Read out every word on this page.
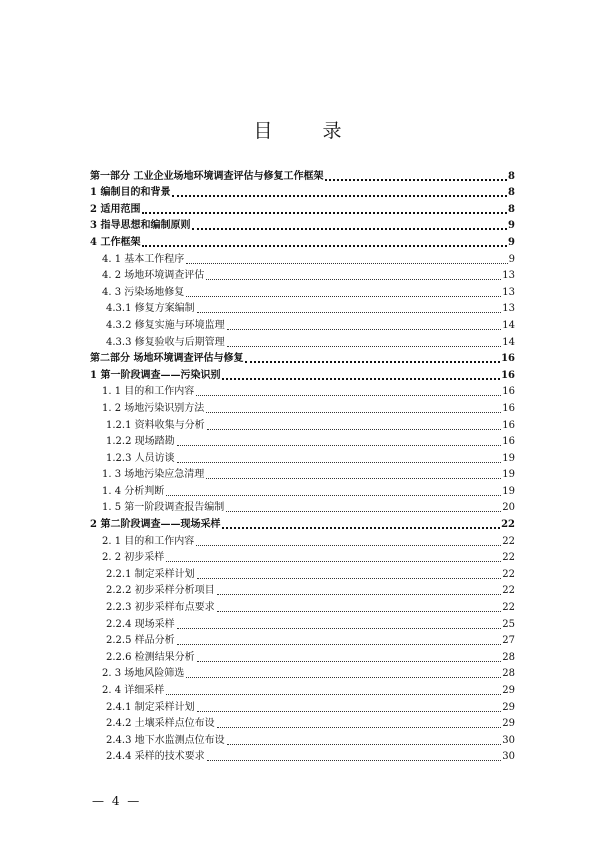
目 录
第一部分 工业企业场地环境调查评估与修复工作框架	8
1 编制目的和背景	8
2 适用范围	8
3 指导思想和编制原则	9
4 工作框架	9
4. 1 基本工作程序	9
4. 2 场地环境调查评估	13
4. 3 污染场地修复	13
4.3.1 修复方案编制	13
4.3.2 修复实施与环境监理	14
4.3.3 修复验收与后期管理	14
第二部分 场地环境调查评估与修复	16
1 第一阶段调查——污染识别	16
1. 1 目的和工作内容	16
1. 2 场地污染识别方法	16
1.2.1 资料收集与分析	16
1.2.2 现场踏勘	16
1.2.3 人员访谈	19
1. 3 场地污染应急清理	19
1. 4 分析判断	19
1. 5 第一阶段调查报告编制	20
2 第二阶段调查——现场采样	22
2. 1 目的和工作内容	22
2. 2 初步采样	22
2.2.1 制定采样计划	22
2.2.2 初步采样分析项目	22
2.2.3 初步采样布点要求	22
2.2.4 现场采样	25
2.2.5 样品分析	27
2.2.6 检测结果分析	28
2. 3 场地风险筛选	28
2. 4 详细采样	29
2.4.1 制定采样计划	29
2.4.2 土壤采样点位布设	29
2.4.3 地下水监测点位布设	30
2.4.4 采样的技术要求	30
— 4 —
